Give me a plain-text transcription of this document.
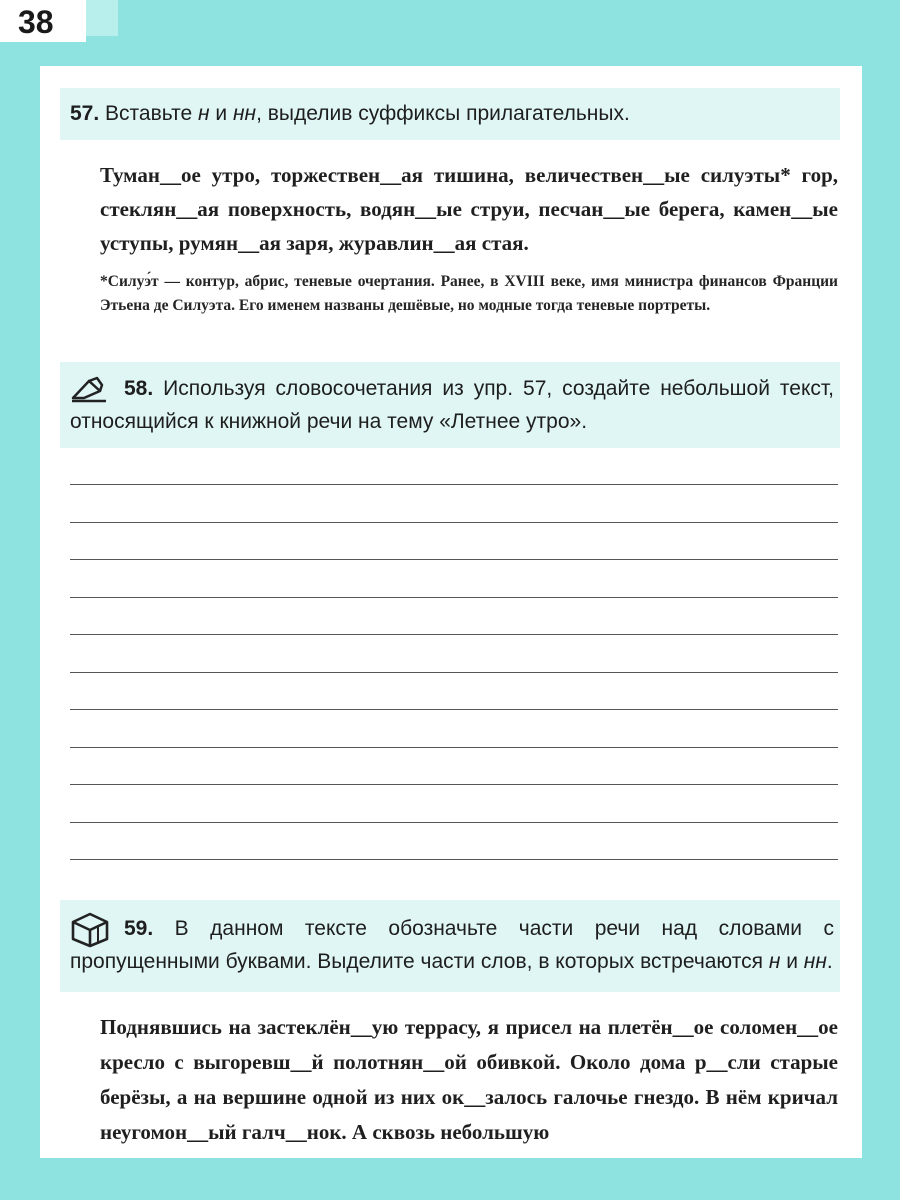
38
57. Вставьте н и нн, выделив суффиксы прилагательных.

Туман__ое утро, торжествен__ая тишина, величествен__ые силуэты* гор, стеклян__ая поверхность, водян__ые струи, песчан__ые берега, камен__ые уступы, румян__ая заря, журавлин__ая стая.

*Силуэ́т — контур, абрис, теневые очертания. Ранее, в XVIII веке, имя министра финансов Франции Этьена де Силуэта. Его именем названы дешёвые, но модные тогда теневые портреты.
58. Используя словосочетания из упр. 57, создайте небольшой текст, относящийся к книжной речи на тему «Летнее утро».
59. В данном тексте обозначьте части речи над словами с пропущенными буквами. Выделите части слов, в которых встречаются н и нн.

Поднявшись на застеклён__ую террасу, я присел на плетён__ое соломен__ое кресло с выгоревш__й полотнян__ой обивкой. Около дома р__сли старые берёзы, а на вершине одной из них ок__залось галочье гнездо. В нём кричал неугомон__ый галч__нок. А сквозь небольшую
